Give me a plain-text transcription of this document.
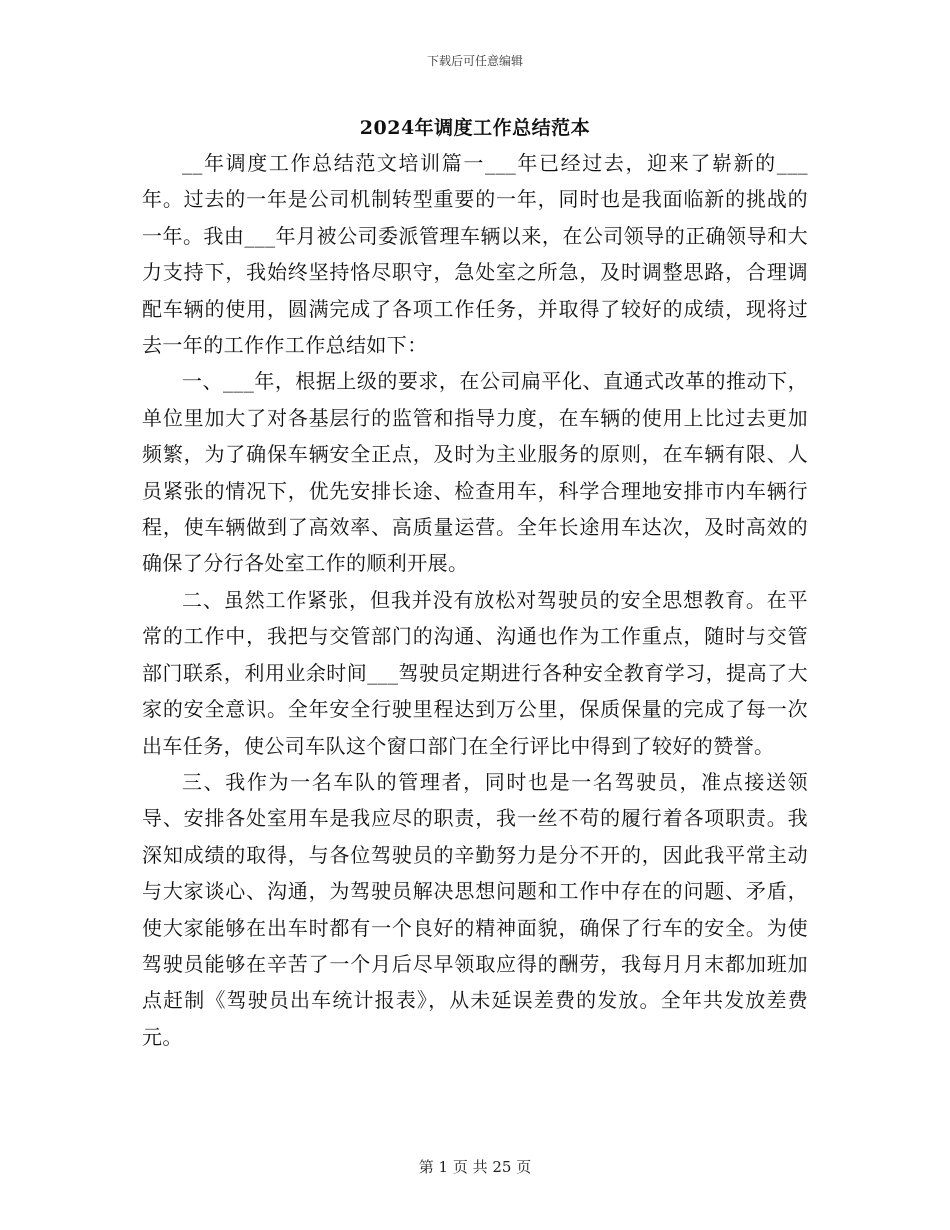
下载后可任意编辑
2024年调度工作总结范本

__年调度工作总结范文培训篇一___年已经过去，迎来了崭新的___年。过去的一年是公司机制转型重要的一年，同时也是我面临新的挑战的一年。我由___年月被公司委派管理车辆以来，在公司领导的正确领导和大力支持下，我始终坚持恪尽职守，急处室之所急，及时调整思路，合理调配车辆的使用，圆满完成了各项工作任务，并取得了较好的成绩，现将过去一年的工作作工作总结如下：

一、___年，根据上级的要求，在公司扁平化、直通式改革的推动下，单位里加大了对各基层行的监管和指导力度，在车辆的使用上比过去更加频繁，为了确保车辆安全正点，及时为主业服务的原则，在车辆有限、人员紧张的情况下，优先安排长途、检查用车，科学合理地安排市内车辆行程，使车辆做到了高效率、高质量运营。全年长途用车达次，及时高效的确保了分行各处室工作的顺利开展。

二、虽然工作紧张，但我并没有放松对驾驶员的安全思想教育。在平常的工作中，我把与交管部门的沟通、沟通也作为工作重点，随时与交管部门联系，利用业余时间___驾驶员定期进行各种安全教育学习，提高了大家的安全意识。全年安全行驶里程达到万公里，保质保量的完成了每一次出车任务，使公司车队这个窗口部门在全行评比中得到了较好的赞誉。

三、我作为一名车队的管理者，同时也是一名驾驶员，准点接送领导、安排各处室用车是我应尽的职责，我一丝不苟的履行着各项职责。我深知成绩的取得，与各位驾驶员的辛勤努力是分不开的，因此我平常主动与大家谈心、沟通，为驾驶员解决思想问题和工作中存在的问题、矛盾，使大家能够在出车时都有一个良好的精神面貌，确保了行车的安全。为使驾驶员能够在辛苦了一个月后尽早领取应得的酬劳，我每月月末都加班加点赶制《驾驶员出车统计报表》，从未延误差费的发放。全年共发放差费元。

第 1 页 共 25 页
